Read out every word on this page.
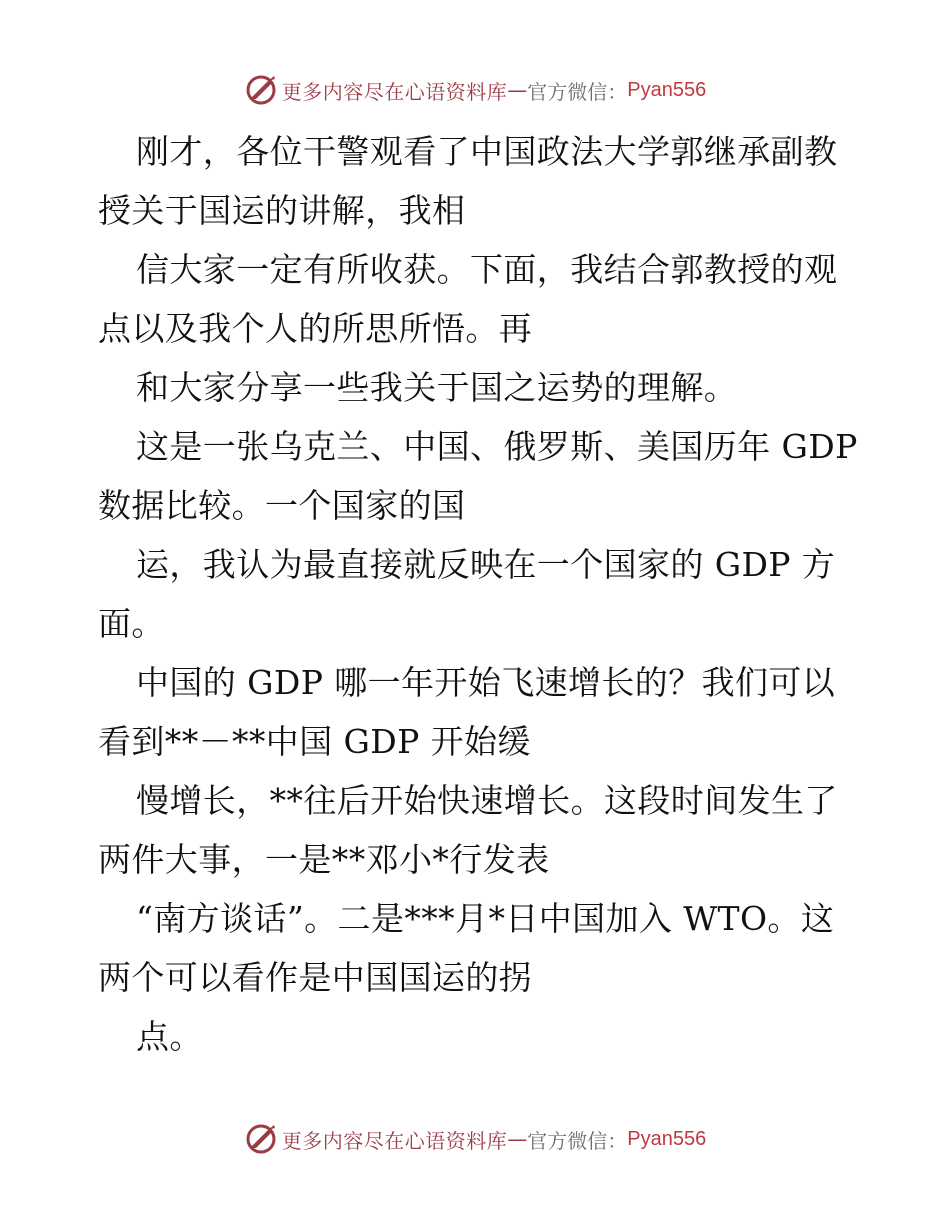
更多内容尽在心语资料库 — 官方微信： Pyan556
刚才，各位干警观看了中国政法大学郭继承副教
授关于国运的讲解，我相
信大家一定有所收获。下面，我结合郭教授的观
点以及我个人的所思所悟。再
和大家分享一些我关于国之运势的理解。
这是一张乌克兰、中国、俄罗斯、美国历年 GDP
数据比较。一个国家的国
运，我认为最直接就反映在一个国家的 GDP 方
面。
中国的 GDP 哪一年开始飞速增长的？我们可以
看到**－**中国 GDP 开始缓
慢增长，**往后开始快速增长。这段时间发生了
两件大事，一是**邓小*行发表
“南方谈话”。二是***月*日中国加入 WTO。这
两个可以看作是中国国运的拐
点。
更多内容尽在心语资料库 — 官方微信： Pyan556
